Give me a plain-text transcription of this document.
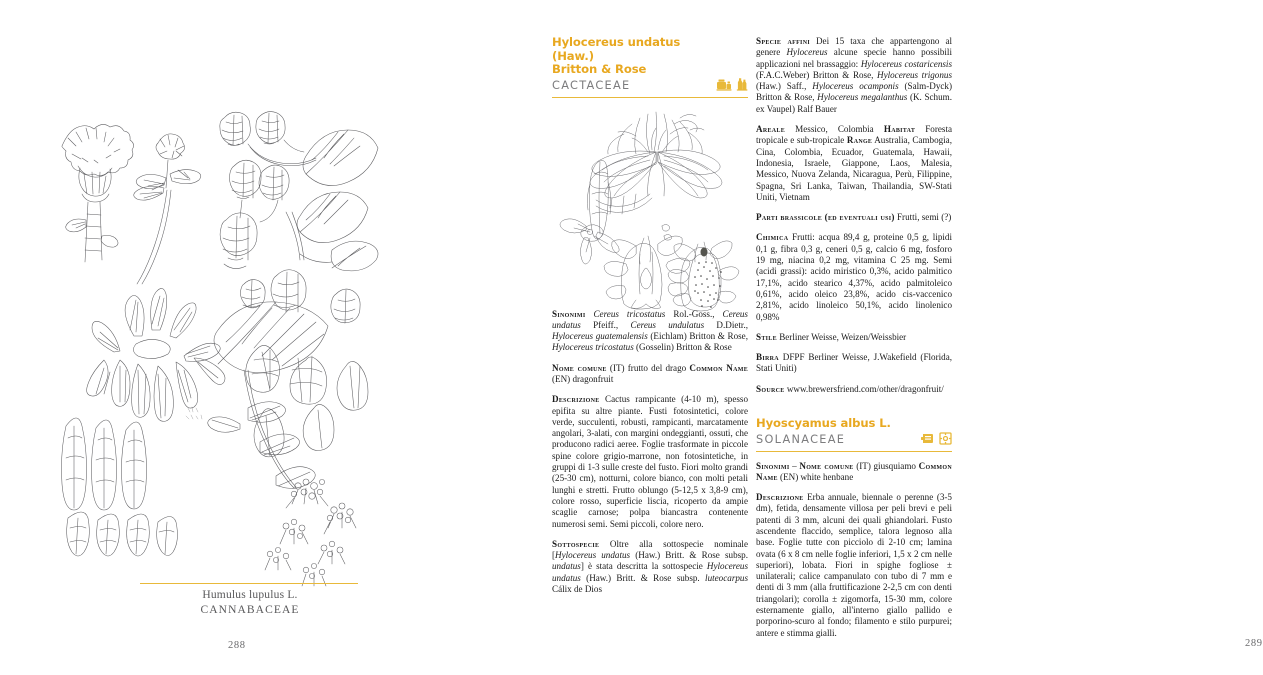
Humulus lupulus L.
CANNABACEAE
288
Hylocereus undatus (Haw.)
Britton & Rose
CACTACEAE

Sinonimi Cereus tricostatus Rol.-Goss., Cereus undatus Pfeiff., Cereus undulatus D.Dietr., Hylocereus guatemalensis (Eichlam) Britton & Rose, Hylocereus tricostatus (Gosselin) Britton & Rose

Nome comune (IT) frutto del drago Common Name (EN) dragonfruit

Descrizione Cactus rampicante (4-10 m), spesso epifita su altre piante. Fusti fotosintetici, colore verde, succulenti, robusti, rampicanti, marcatamente angolari, 3-alati, con margini ondeggianti, ossuti, che producono radici aeree. Foglie trasformate in piccole spine colore grigio-marrone, non fotosintetiche, in gruppi di 1-3 sulle creste del fusto. Fiori molto grandi (25-30 cm), notturni, colore bianco, con molti petali lunghi e stretti. Frutto oblungo (5-12,5 x 3,8-9 cm), colore rosso, superficie liscia, ricoperto da ampie scaglie carnose; polpa biancastra contenente numerosi semi. Semi piccoli, colore nero.

Sottospecie Oltre alla sottospecie nominale [Hylocereus undatus (Haw.) Britt. & Rose subsp. undatus] è stata descritta la sottospecie Hylocereus undatus (Haw.) Britt. & Rose subsp. luteocarpus Cálix de Dios

Specie affini Dei 15 taxa che appartengono al genere Hylocereus alcune specie hanno possibili applicazioni nel brassaggio: Hylocereus costaricensis (F.A.C.Weber) Britton & Rose, Hylocereus trigonus (Haw.) Saff., Hylocereus ocamponis (Salm-Dyck) Britton & Rose, Hylocereus megalanthus (K. Schum. ex Vaupel) Ralf Bauer

Areale Messico, Colombia Habitat Foresta tropicale e sub-tropicale Range Australia, Cambogia, Cina, Colombia, Ecuador, Guatemala, Hawaii, Indonesia, Israele, Giappone, Laos, Malesia, Messico, Nuova Zelanda, Nicaragua, Perù, Filippine, Spagna, Sri Lanka, Taiwan, Thailandia, SW-Stati Uniti, Vietnam

Parti brassicole (ed eventuali usi) Frutti, semi (?)

Chimica Frutti: acqua 89,4 g, proteine 0,5 g, lipidi 0,1 g, fibra 0,3 g, ceneri 0,5 g, calcio 6 mg, fosforo 19 mg, niacina 0,2 mg, vitamina C 25 mg. Semi (acidi grassi): acido miristico 0,3%, acido palmitico 17,1%, acido stearico 4,37%, acido palmitoleico 0,61%, acido oleico 23,8%, acido cis-vaccenico 2,81%, acido linoleico 50,1%, acido linolenico 0,98%

Stile Berliner Weisse, Weizen/Weissbier

Birra DFPF Berliner Weisse, J.Wakefield (Florida, Stati Uniti)

Source www.brewersfriend.com/other/dragonfruit/

Hyoscyamus albus L.
SOLANACEAE

Sinonimi – Nome comune (IT) giusquiamo Common Name (EN) white henbane

Descrizione Erba annuale, biennale o perenne (3-5 dm), fetida, densamente villosa per peli brevi e peli patenti di 3 mm, alcuni dei quali ghiandolari. Fusto ascendente flaccido, semplice, talora legnoso alla base. Foglie tutte con picciolo di 2-10 cm; lamina ovata (6 x 8 cm nelle foglie inferiori, 1,5 x 2 cm nelle superiori), lobata. Fiori in spighe fogliose ± unilaterali; calice campanulato con tubo di 7 mm e denti di 3 mm (alla fruttificazione 2-2,5 cm con denti triangolari); corolla ± zigomorfa, 15-30 mm, colore esternamente giallo, all'interno giallo pallido e porporino-scuro al fondo; filamento e stilo purpurei; antere e stimma gialli.

289
